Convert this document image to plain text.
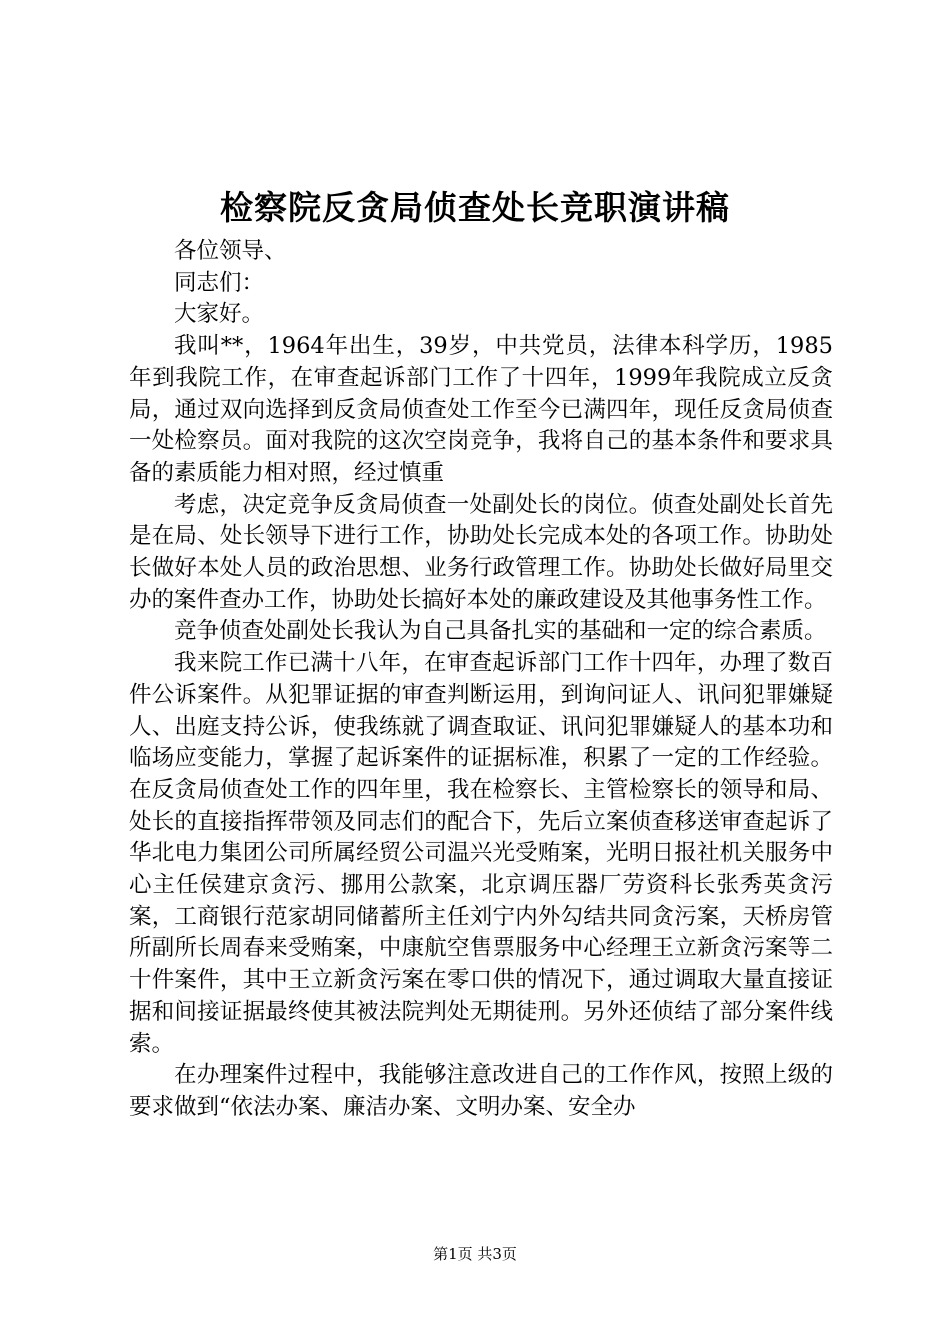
检察院反贪局侦查处长竞职演讲稿

各位领导、

同志们：

大家好。

我叫**，1964年出生，39岁，中共党员，法律本科学历，1985年到我院工作，在审查起诉部门工作了十四年，1999年我院成立反贪局，通过双向选择到反贪局侦查处工作至今已满四年，现任反贪局侦查一处检察员。面对我院的这次空岗竞争，我将自己的基本条件和要求具备的素质能力相对照，经过慎重

考虑，决定竞争反贪局侦查一处副处长的岗位。侦查处副处长首先是在局、处长领导下进行工作，协助处长完成本处的各项工作。协助处长做好本处人员的政治思想、业务行政管理工作。协助处长做好局里交办的案件查办工作，协助处长搞好本处的廉政建设及其他事务性工作。

竞争侦查处副处长我认为自己具备扎实的基础和一定的综合素质。

我来院工作已满十八年，在审查起诉部门工作十四年，办理了数百件公诉案件。从犯罪证据的审查判断运用，到询问证人、讯问犯罪嫌疑人、出庭支持公诉，使我练就了调查取证、讯问犯罪嫌疑人的基本功和临场应变能力，掌握了起诉案件的证据标准，积累了一定的工作经验。在反贪局侦查处工作的四年里，我在检察长、主管检察长的领导和局、处长的直接指挥带领及同志们的配合下，先后立案侦查移送审查起诉了华北电力集团公司所属经贸公司温兴光受贿案，光明日报社机关服务中心主任侯建京贪污、挪用公款案，北京调压器厂劳资科长张秀英贪污案，工商银行范家胡同储蓄所主任刘宁内外勾结共同贪污案，天桥房管所副所长周春来受贿案，中康航空售票服务中心经理王立新贪污案等二十件案件，其中王立新贪污案在零口供的情况下，通过调取大量直接证据和间接证据最终使其被法院判处无期徒刑。另外还侦结了部分案件线索。

在办理案件过程中，我能够注意改进自己的工作作风，按照上级的要求做到“依法办案、廉洁办案、文明办案、安全办

第1页 共3页
